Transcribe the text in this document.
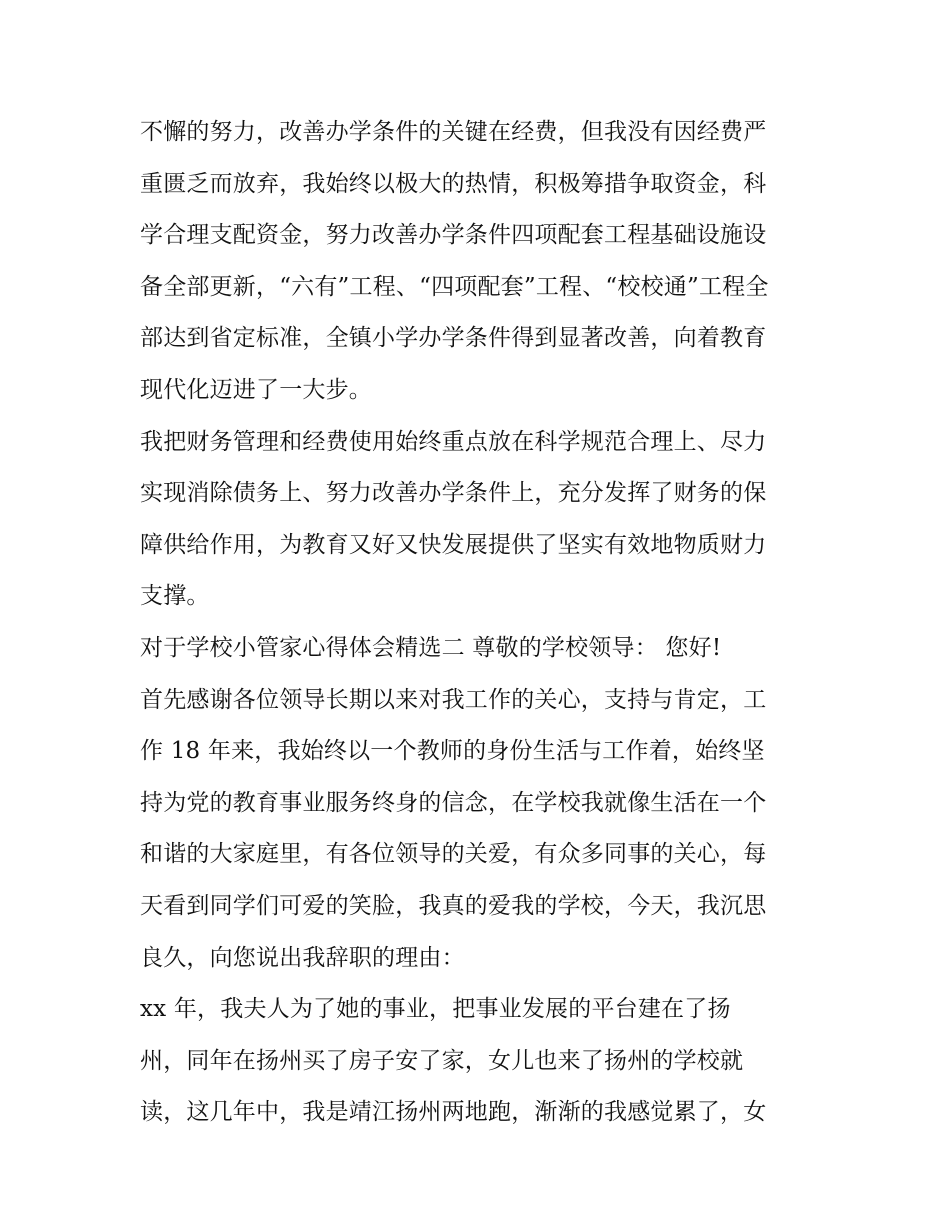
不懈的努力，改善办学条件的关键在经费，但我没有因经费严
重匮乏而放弃，我始终以极大的热情，积极筹措争取资金，科
学合理支配资金，努力改善办学条件四项配套工程基础设施设
备全部更新，“六有”工程、“四项配套”工程、“校校通”工程全
部达到省定标准，全镇小学办学条件得到显著改善，向着教育
现代化迈进了一大步。
我把财务管理和经费使用始终重点放在科学规范合理上、尽力
实现消除债务上、努力改善办学条件上，充分发挥了财务的保
障供给作用，为教育又好又快发展提供了坚实有效地物质财力
支撑。
对于学校小管家心得体会精选二 尊敬的学校领导： 您好!
首先感谢各位领导长期以来对我工作的关心，支持与肯定，工
作 18 年来，我始终以一个教师的身份生活与工作着，始终坚
持为党的教育事业服务终身的信念，在学校我就像生活在一个
和谐的大家庭里，有各位领导的关爱，有众多同事的关心，每
天看到同学们可爱的笑脸，我真的爱我的学校，今天，我沉思
良久，向您说出我辞职的理由：
xx 年，我夫人为了她的事业，把事业发展的平台建在了扬
州，同年在扬州买了房子安了家，女儿也来了扬州的学校就
读，这几年中，我是靖江扬州两地跑，渐渐的我感觉累了，女
